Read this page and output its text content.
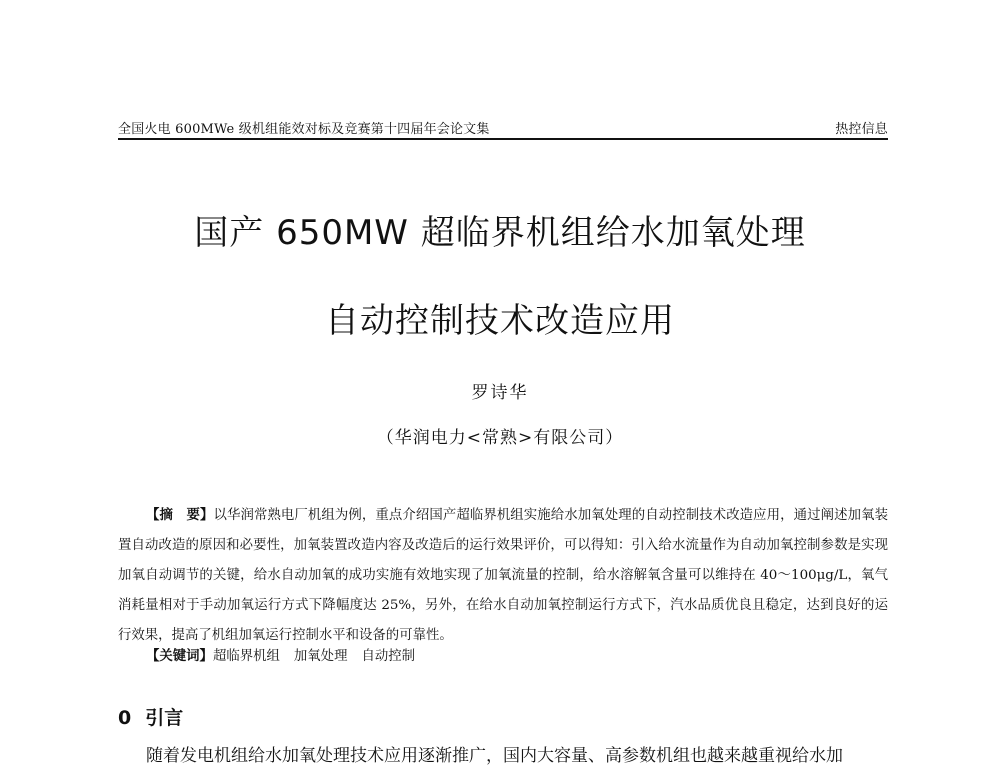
全国火电 600MWe 级机组能效对标及竞赛第十四届年会论文集	热控信息
国产 650MW 超临界机组给水加氧处理
自动控制技术改造应用
罗诗华
（华润电力<常熟>有限公司）
【摘　要】以华润常熟电厂机组为例，重点介绍国产超临界机组实施给水加氧处理的自动控制技术改造应用，通过阐述加氧装置自动改造的原因和必要性，加氧装置改造内容及改造后的运行效果评价，可以得知：引入给水流量作为自动加氧控制参数是实现加氧自动调节的关键，给水自动加氧的成功实施有效地实现了加氧流量的控制，给水溶解氧含量可以维持在 40～100μg/L，氧气消耗量相对于手动加氧运行方式下降幅度达 25%，另外，在给水自动加氧控制运行方式下，汽水品质优良且稳定，达到良好的运行效果，提高了机组加氧运行控制水平和设备的可靠性。
【关键词】超临界机组 加氧处理 自动控制
0 引言
随着发电机组给水加氧处理技术应用逐渐推广，国内大容量、高参数机组也越来越重视给水加
